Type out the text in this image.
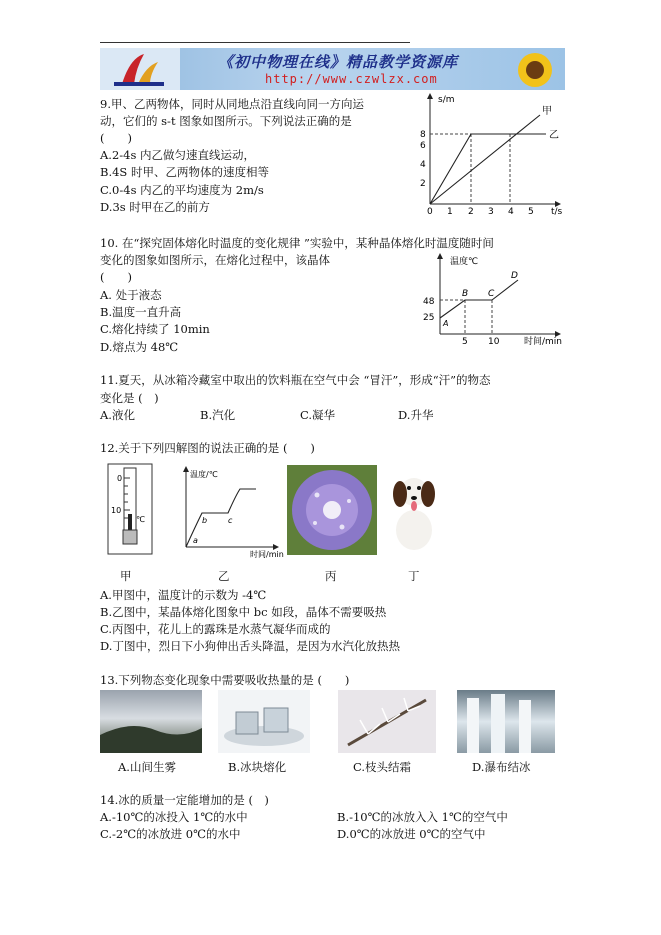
《初中物理在线》精品教学资源库
http://www.czwlzx.com
9.甲、乙两物体，同时从同地点沿直线向同一方向运
动，它们的 s-t 图象如图所示。下列说法正确的是
(　　)
A.2-4s 内乙做匀速直线运动，
B.4S 时甲、乙两物体的速度相等
C.0-4s 内乙的平均速度为 2m/s
D.3s 时甲在乙的前方
s/m
t/s
2
4
6
8
0 1 2 3 4 5
甲
乙
10. 在“探究固体熔化时温度的变化规律 ”实验中，某种晶体熔化时温度随时间
变化的图象如图所示，在熔化过程中，该晶体
(　　)
A. 处于液态
B.温度一直升高
C.熔化持续了 10min
D.熔点为 48℃
温度℃
时间/min
48
25
5 10
A
B C
D
11.夏天，从冰箱冷藏室中取出的饮料瓶在空气中会 “冒汗”，形成“汗”的物态
变化是 (　)
A.液化	B.汽化	C.凝华	D.升华
12.关于下列四解图的说法正确的是 (　　)
0
10
℃
温度/℃
时间/min
a
b	c
甲	乙	丙	丁
A.甲图中，温度计的示数为 -4℃
B.乙图中，某晶体熔化图象中 bc 如段，晶体不需要吸热
C.丙图中，花儿上的露珠是水蒸气凝华而成的
D.丁图中，烈日下小狗伸出舌头降温，是因为水汽化放热热
13.下列物态变化现象中需要吸收热量的是 (　　)
A.山间生雾	B.冰块熔化	C.枝头结霜	D.瀑布结冰
14.冰的质量一定能增加的是 (　)
A.-10℃的冰投入 1℃的水中	B.-10℃的冰放入入 1℃的空气中
C.-2℃的冰放进 0℃的水中	D.0℃的冰放进 0℃的空气中
